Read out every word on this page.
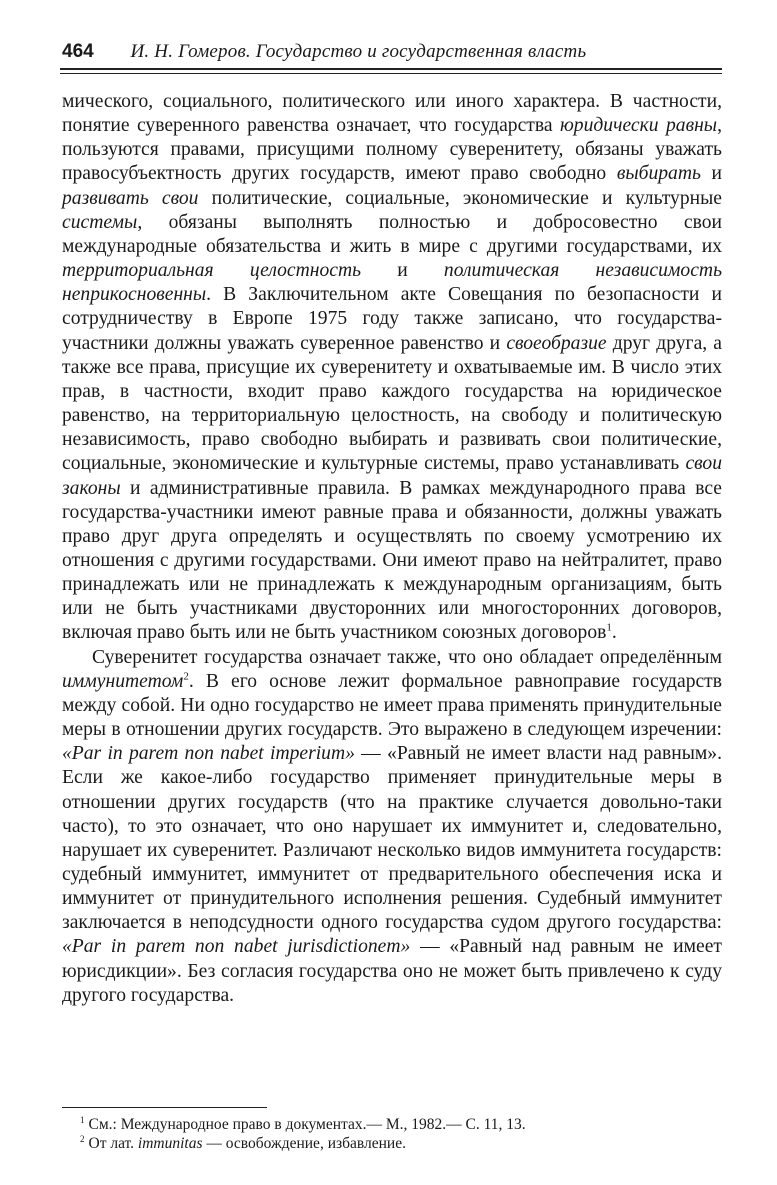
464 И. Н. Гомеров. Государство и государственная власть

мического, социального, политического или иного характера. В частности, понятие суверенного равенства означает, что государства юридически равны, пользуются правами, присущими полному суверенитету, обязаны уважать правосубъектность других государств, имеют право свободно выбирать и развивать свои политические, социальные, экономические и культурные системы, обязаны выполнять полностью и добросовестно свои международные обязательства и жить в мире с другими государствами, их территориальная целостность и политическая независимость неприкосновенны. В Заключительном акте Совещания по безопасности и сотрудничеству в Европе 1975 году также записано, что государства-участники должны уважать суверенное равенство и своеобразие друг друга, а также все права, присущие их суверенитету и охватываемые им. В число этих прав, в частности, входит право каждого государства на юридическое равенство, на территориальную целостность, на свободу и политическую независимость, право свободно выбирать и развивать свои политические, социальные, экономические и культурные системы, право устанавливать свои законы и административные правила. В рамках международного права все государства-участники имеют равные права и обязанности, должны уважать право друг друга определять и осуществлять по своему усмотрению их отношения с другими государствами. Они имеют право на нейтралитет, право принадлежать или не принадлежать к международным организациям, быть или не быть участниками двусторонних или многосторонних договоров, включая право быть или не быть участником союзных договоров$^1$.

Суверенитет государства означает также, что оно обладает определённым иммунитетом$^2$. В его основе лежит формальное равноправие государств между собой. Ни одно государство не имеет права применять принудительные меры в отношении других государств. Это выражено в следующем изречении: «Par in parem non nabet imperium» — «Равный не имеет власти над равным». Если же какое-либо государство применяет принудительные меры в отношении других государств (что на практике случается довольно-таки часто), то это означает, что оно нарушает их иммунитет и, следовательно, нарушает их суверенитет. Различают несколько видов иммунитета государств: судебный иммунитет, иммунитет от предварительного обеспечения иска и иммунитет от принудительного исполнения решения. Судебный иммунитет заключается в неподсудности одного государства судом другого государства: «Par in parem non nabet jurisdictionem» — «Равный над равным не имеет юрисдикции». Без согласия государства оно не может быть привлечено к суду другого государства.

$^1$ См.: Международное право в документах.— М., 1982.— С. 11, 13.
$^2$ От лат. immunitas — освобождение, избавление.
